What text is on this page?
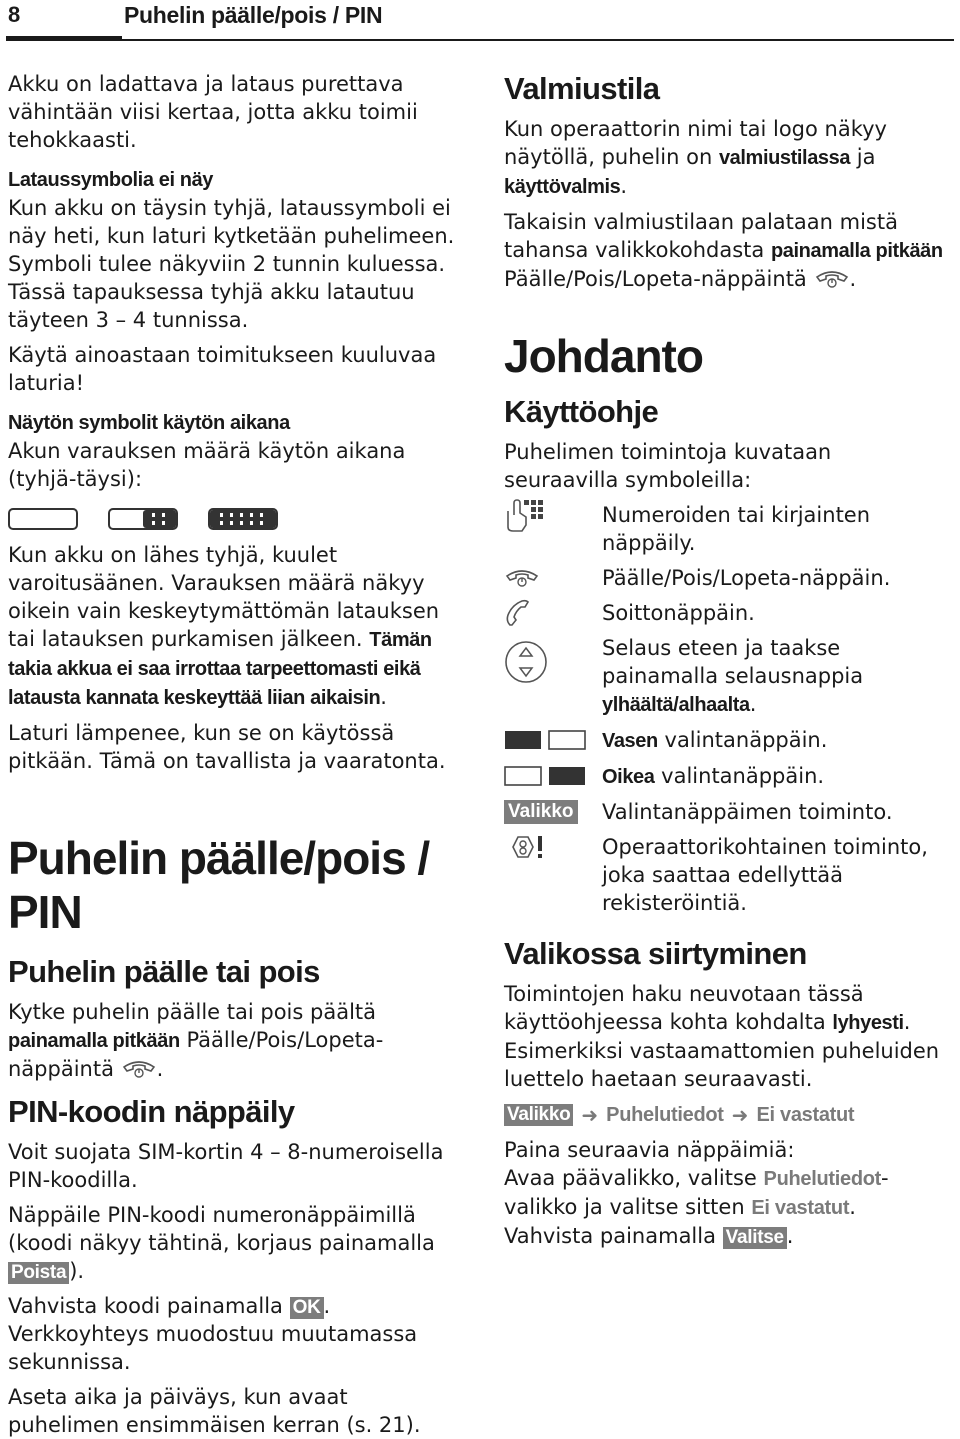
8	Puhelin päälle/pois / PIN

Akku on ladattava ja lataus purettava vähintään viisi kertaa, jotta akku toimii tehokkaasti.

Lataussymbolia ei näy

Kun akku on täysin tyhjä, lataussymboli ei näy heti, kun laturi kytketään puhelimeen. Symboli tulee näkyviin 2 tunnin kuluessa. Tässä tapauksessa tyhjä akku latautuu täyteen 3 – 4 tunnissa.

Käytä ainoastaan toimitukseen kuuluvaa laturia!

Näytön symbolit käytön aikana

Akun varauksen määrä käytön aikana (tyhjä-täysi):

Kun akku on lähes tyhjä, kuulet varoitusäänen. Varauksen määrä näkyy oikein vain keskeytymättömän latauksen tai latauksen purkamisen jälkeen. Tämän takia akkua ei saa irrottaa tarpeettomasti eikä latausta kannata keskeyttää liian aikaisin.

Laturi lämpenee, kun se on käytössä pitkään. Tämä on tavallista ja vaaratonta.

Puhelin päälle/pois / PIN
Puhelin päälle tai pois

Kytke puhelin päälle tai pois päältä painamalla pitkään Päälle/Pois/Lopeta-näppäintä .

PIN-koodin näppäily

Voit suojata SIM-kortin 4 – 8-numeroisella PIN-koodilla.

Näppäile PIN-koodi numeronäppäimillä (koodi näkyy tähtinä, korjaus painamalla Poista ).

Vahvista koodi painamalla OK . Verkkoyhteys muodostuu muutamassa sekunnissa.

Aseta aika ja päiväys, kun avaat puhelimen ensimmäisen kerran (s. 21).

Valmiustila

Kun operaattorin nimi tai logo näkyy näytöllä, puhelin on valmiustilassa ja käyttövalmis.

Takaisin valmiustilaan palataan mistä tahansa valikkokohdasta painamalla pitkään Päälle/Pois/Lopeta-näppäintä .

Johdanto
Käyttöohje

Puhelimen toimintoja kuvataan seuraavilla symboleilla:

Numeroiden tai kirjainten näppäily.
Päälle/Pois/Lopeta-näppäin.
Soittonäppäin.
Selaus eteen ja taakse painamalla selausnappia ylhäältä/alhaalta.
Vasen valintanäppäin.
Oikea valintanäppäin.
Valikko Valintanäppäimen toiminto.
Operaattorikohtainen toiminto, joka saattaa edellyttää rekisteröintiä.
Valikossa siirtyminen

Toimintojen haku neuvotaan tässä käyttöohjeessa kohta kohdalta lyhyesti.

Esimerkiksi vastaamattomien puheluiden luettelo haetaan seuraavasti.

Valikko ➜ Puhelutiedot ➜ Ei vastatut

Paina seuraavia näppäimiä:

Avaa päävalikko, valitse Puhelutiedot-valikko ja valitse sitten Ei vastatut. Vahvista painamalla Valitse .
